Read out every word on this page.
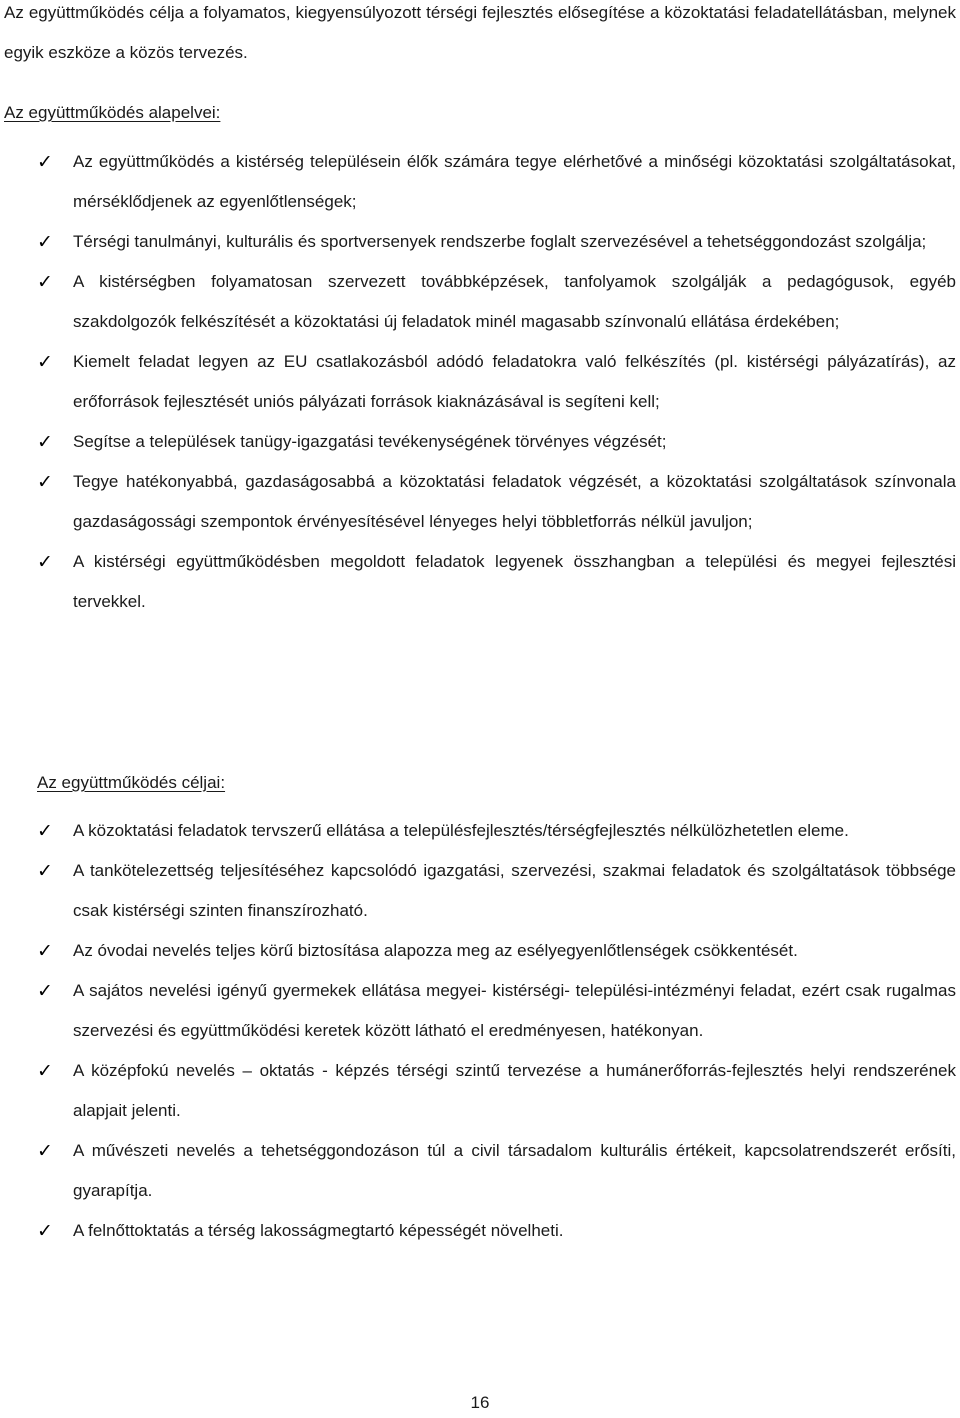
Az együttműködés célja a folyamatos, kiegyensúlyozott térségi fejlesztés elősegítése a közoktatási feladatellátásban, melynek egyik eszköze a közös tervezés.

Az együttműködés alapelvei:

✓ Az együttműködés a kistérség településein élők számára tegye elérhetővé a minőségi közoktatási szolgáltatásokat, mérséklődjenek az egyenlőtlenségek;
✓ Térségi tanulmányi, kulturális és sportversenyek rendszerbe foglalt szervezésével a tehetséggondozást szolgálja;
✓ A kistérségben folyamatosan szervezett továbbképzések, tanfolyamok szolgálják a pedagógusok, egyéb szakdolgozók felkészítését a közoktatási új feladatok minél magasabb színvonalú ellátása érdekében;
✓ Kiemelt feladat legyen az EU csatlakozásból adódó feladatokra való felkészítés (pl. kistérségi pályázatírás), az erőforrások fejlesztését uniós pályázati források kiaknázásával is segíteni kell;
✓ Segítse a települések tanügy-igazgatási tevékenységének törvényes végzését;
✓ Tegye hatékonyabbá, gazdaságosabbá a közoktatási feladatok végzését, a közoktatási szolgáltatások színvonala gazdaságossági szempontok érvényesítésével lényeges helyi többletforrás nélkül javuljon;
✓ A kistérségi együttműködésben megoldott feladatok legyenek összhangban a települési és megyei fejlesztési tervekkel.

Az együttműködés céljai:

✓ A közoktatási feladatok tervszerű ellátása a településfejlesztés/térségfejlesztés nélkülözhetetlen eleme.
✓ A tankötelezettség teljesítéséhez kapcsolódó igazgatási, szervezési, szakmai feladatok és szolgáltatások többsége csak kistérségi szinten finanszírozható.
✓ Az óvodai nevelés teljes körű biztosítása alapozza meg az esélyegyenlőtlenségek csökkentését.
✓ A sajátos nevelési igényű gyermekek ellátása megyei- kistérségi- települési-intézményi feladat, ezért csak rugalmas szervezési és együttműködési keretek között látható el eredményesen, hatékonyan.
✓ A középfokú nevelés – oktatás - képzés térségi szintű tervezése a humánerőforrás-fejlesztés helyi rendszerének alapjait jelenti.
✓ A művészeti nevelés a tehetséggondozáson túl a civil társadalom kulturális értékeit, kapcsolatrendszerét erősíti, gyarapítja.
✓ A felnőttoktatás a térség lakosságmegtartó képességét növelheti.
16
